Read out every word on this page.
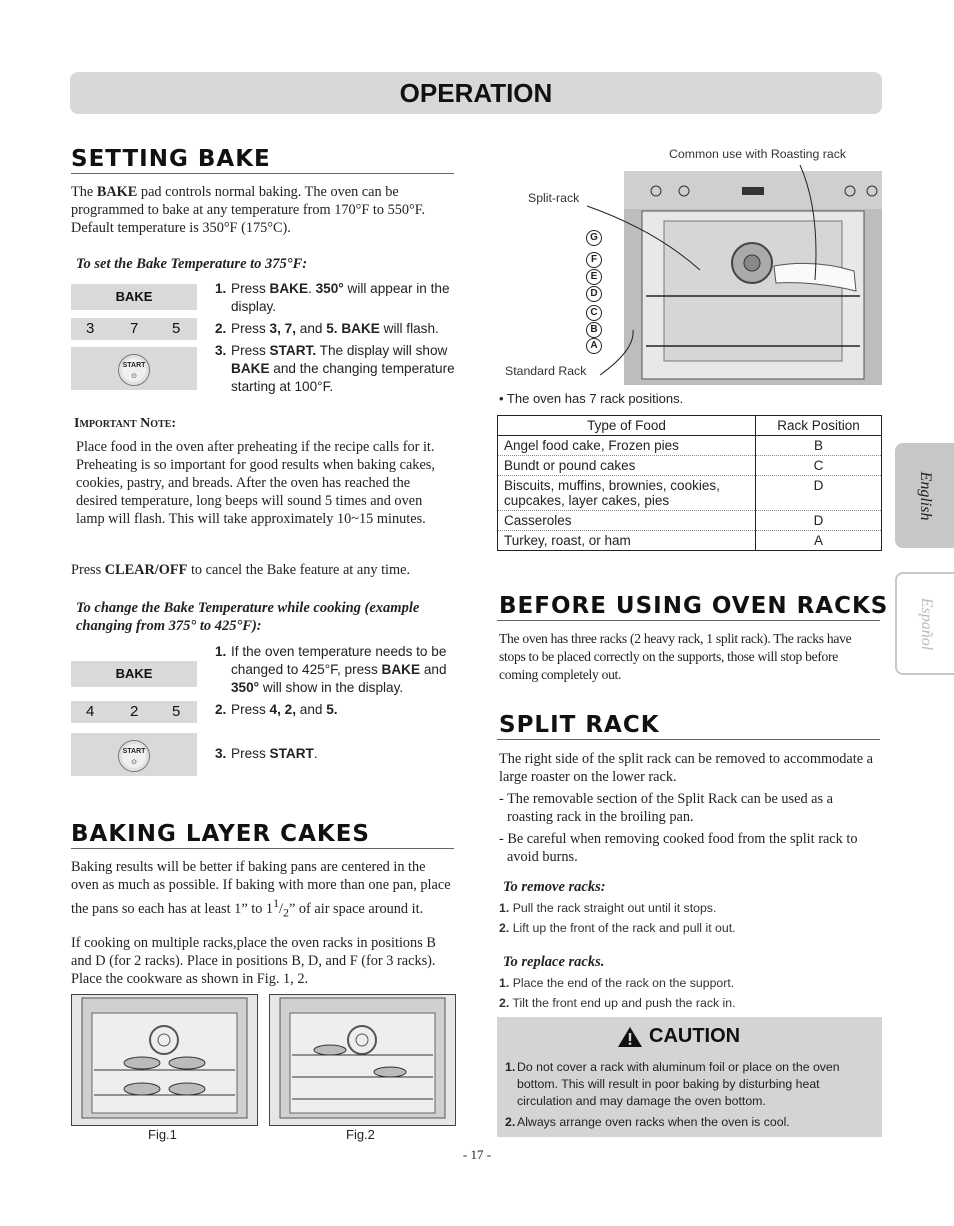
OPERATION
SETTING BAKE
The BAKE pad controls normal baking. The oven can be programmed to bake at any temperature from 170°F to 550°F. Default temperature is 350°F (175°C).
To set the Bake Temperature to 375°F:
BAKE
3 7 5
START
⊙
1. Press BAKE. 350° will appear in the display.
2. Press 3, 7, and 5. BAKE will flash.
3. Press START. The display will show BAKE and the changing temperature starting at 100°F.
Important Note:
Place food in the oven after preheating if the recipe calls for it. Preheating is so important for good results when baking cakes, cookies, pastry, and breads. After the oven has reached the desired temperature, long beeps will sound 5 times and oven lamp will flash. This will take approximately 10~15 minutes.
Press CLEAR/OFF to cancel the Bake feature at any time.
To change the Bake Temperature while cooking (example changing from 375° to 425°F):
BAKE
4 2 5
START
⊙
1. If the oven temperature needs to be changed to 425°F, press BAKE and 350° will show in the display.
2. Press 4, 2, and 5.
3. Press START.
BAKING LAYER CAKES
Baking results will be better if baking pans are centered in the oven as much as possible. If baking with more than one pan, place the pans so each has at least 1” to $1^1/_2$” of air space around it.
If cooking on multiple racks,place the oven racks in positions B and D (for 2 racks). Place in positions B, D, and F (for 3 racks). Place the cookware as shown in Fig. 1, 2.
Fig.1	Fig.2
Common use with Roasting rack
Split-rack
Standard Rack
G
F
E
D
C
B
A
• The oven has 7 rack positions.
Type of Food	Rack Position
Angel food cake, Frozen pies	B
Bundt or pound cakes	C
Biscuits, muffins, brownies, cookies, cupcakes, layer cakes, pies	D
Casseroles	D
Turkey, roast, or ham	A
BEFORE USING OVEN RACKS
The oven has three racks (2 heavy rack, 1 split rack). The racks have stops to be placed correctly on the supports, those will stop before coming completely out.
SPLIT RACK
The right side of the split rack can be removed to accommodate a large roaster on the lower rack.
- The removable section of the Split Rack can be used as a roasting rack in the broiling pan.
- Be careful when removing cooked food from the split rack to avoid burns.
To remove racks:
1. Pull the rack straight out until it stops.
2. Lift up the front of the rack and pull it out.
To replace racks.
1. Place the end of the rack on the support.
2. Tilt the front end up and push the rack in.
CAUTION
1. Do not cover a rack with aluminum foil or place on the oven bottom. This will result in poor baking by disturbing heat circulation and may damage the oven bottom.
2. Always arrange oven racks when the oven is cool.
English
Español
- 17 -
